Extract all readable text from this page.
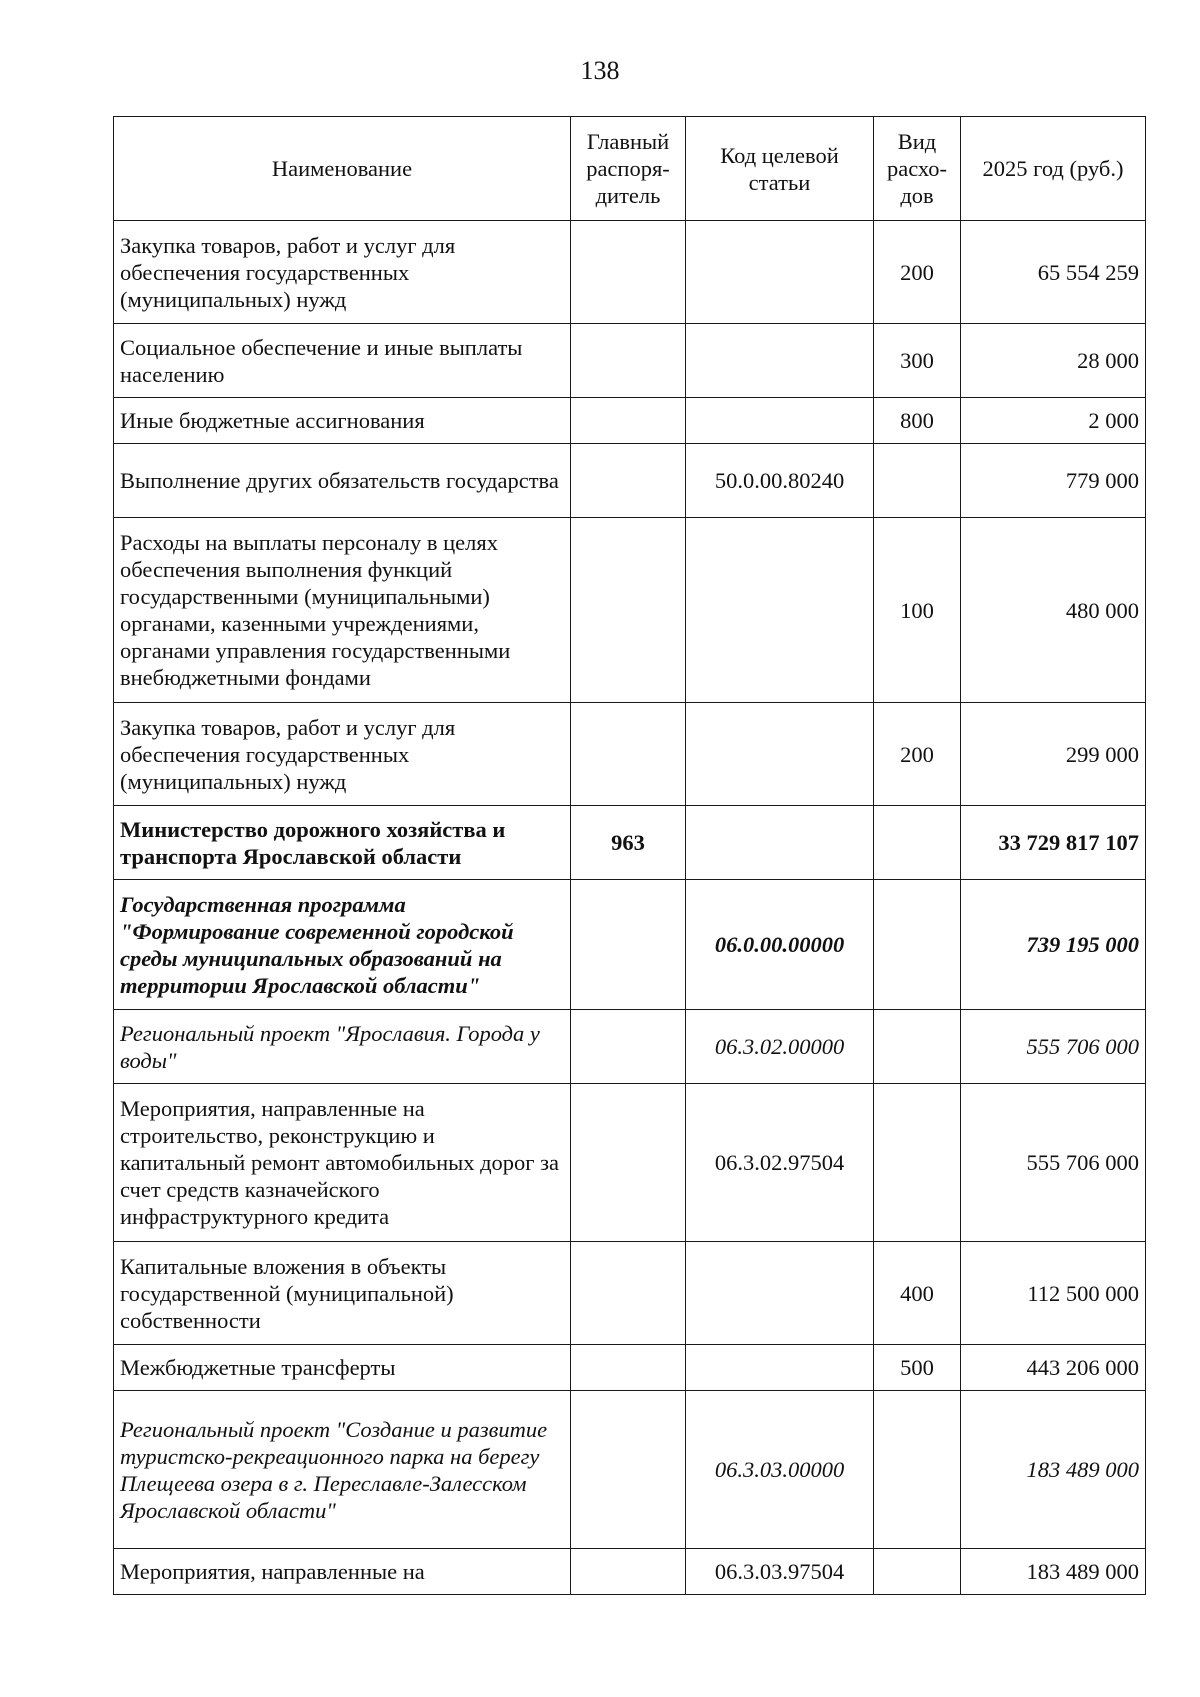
138
Наименование	Главный распоря-дитель	Код целевой статьи	Вид расхо-дов	2025 год (руб.)
Закупка товаров, работ и услуг для обеспечения государственных (муниципальных) нужд			200	65 554 259
Социальное обеспечение и иные выплаты населению			300	28 000
Иные бюджетные ассигнования			800	2 000
Выполнение других обязательств государства		50.0.00.80240		779 000
Расходы на выплаты персоналу в целях обеспечения выполнения функций государственными (муниципальными) органами, казенными учреждениями, органами управления государственными внебюджетными фондами			100	480 000
Закупка товаров, работ и услуг для обеспечения государственных (муниципальных) нужд			200	299 000
Министерство дорожного хозяйства и транспорта Ярославской области	963			33 729 817 107
Государственная программа "Формирование современной городской среды муниципальных образований на территории Ярославской области"		06.0.00.00000		739 195 000
Региональный проект "Ярославия. Города у воды"		06.3.02.00000		555 706 000
Мероприятия, направленные на строительство, реконструкцию и капитальный ремонт автомобильных дорог за счет средств казначейского инфраструктурного кредита		06.3.02.97504		555 706 000
Капитальные вложения в объекты государственной (муниципальной) собственности			400	112 500 000
Межбюджетные трансферты			500	443 206 000
Региональный проект "Создание и развитие туристско-рекреационного парка на берегу Плещеева озера в г. Переславле-Залесском Ярославской области"		06.3.03.00000		183 489 000
Мероприятия, направленные на		06.3.03.97504		183 489 000
